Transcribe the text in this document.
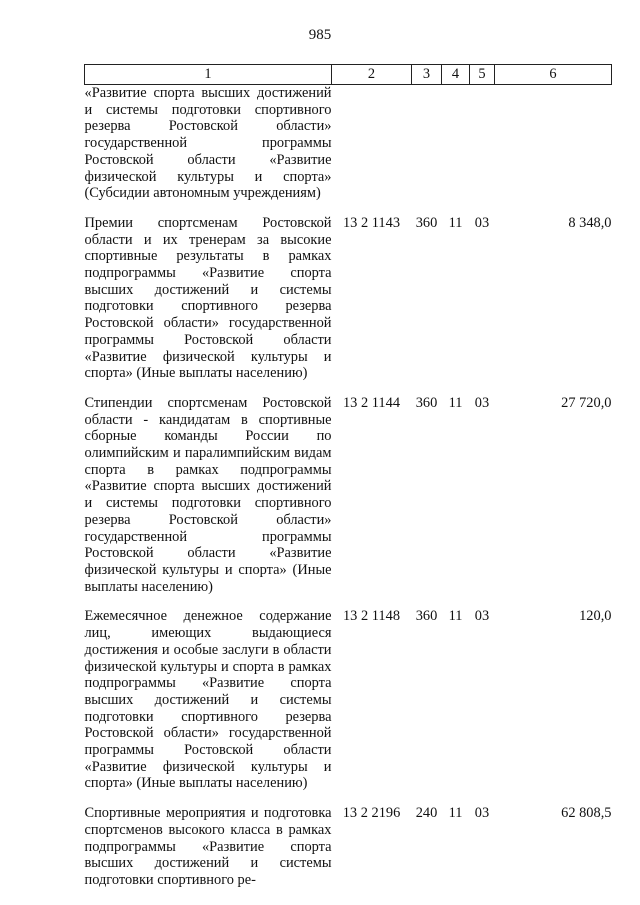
985
1	2	3	4	5	6
«Развитие спорта высших достижений и системы подготовки спортивного резерва Ростовской области» государственной программы Ростовской области «Развитие физической культуры и спорта» (Субсидии автономным учреждениям)					
Премии спортсменам Ростовской области и их тренерам за высокие спортивные результаты в рамках подпрограммы «Развитие спорта высших достижений и системы подготовки спортивного резерва Ростовской области» государственной программы Ростовской области «Развитие физической культуры и спорта» (Иные выплаты населению)	13 2 1143	360	11	03	8 348,0
Стипендии спортсменам Ростовской области - кандидатам в спортивные сборные команды России по олимпийским и паралимпийским видам спорта в рамках подпрограммы «Развитие спорта высших достижений и системы подготовки спортивного резерва Ростовской области» государственной программы Ростовской области «Развитие физической культуры и спорта» (Иные выплаты населению)	13 2 1144	360	11	03	27 720,0
Ежемесячное денежное содержание лиц, имеющих выдающиеся достижения и особые заслуги в области физической культуры и спорта в рамках подпрограммы «Развитие спорта высших достижений и системы подготовки спортивного резерва Ростовской области» государственной программы Ростовской области «Развитие физической культуры и спорта» (Иные выплаты населению)	13 2 1148	360	11	03	120,0
Спортивные мероприятия и подготовка спортсменов высокого класса в рамках подпрограммы «Развитие спорта высших достижений и системы подготовки спортивного ре-	13 2 2196	240	11	03	62 808,5
